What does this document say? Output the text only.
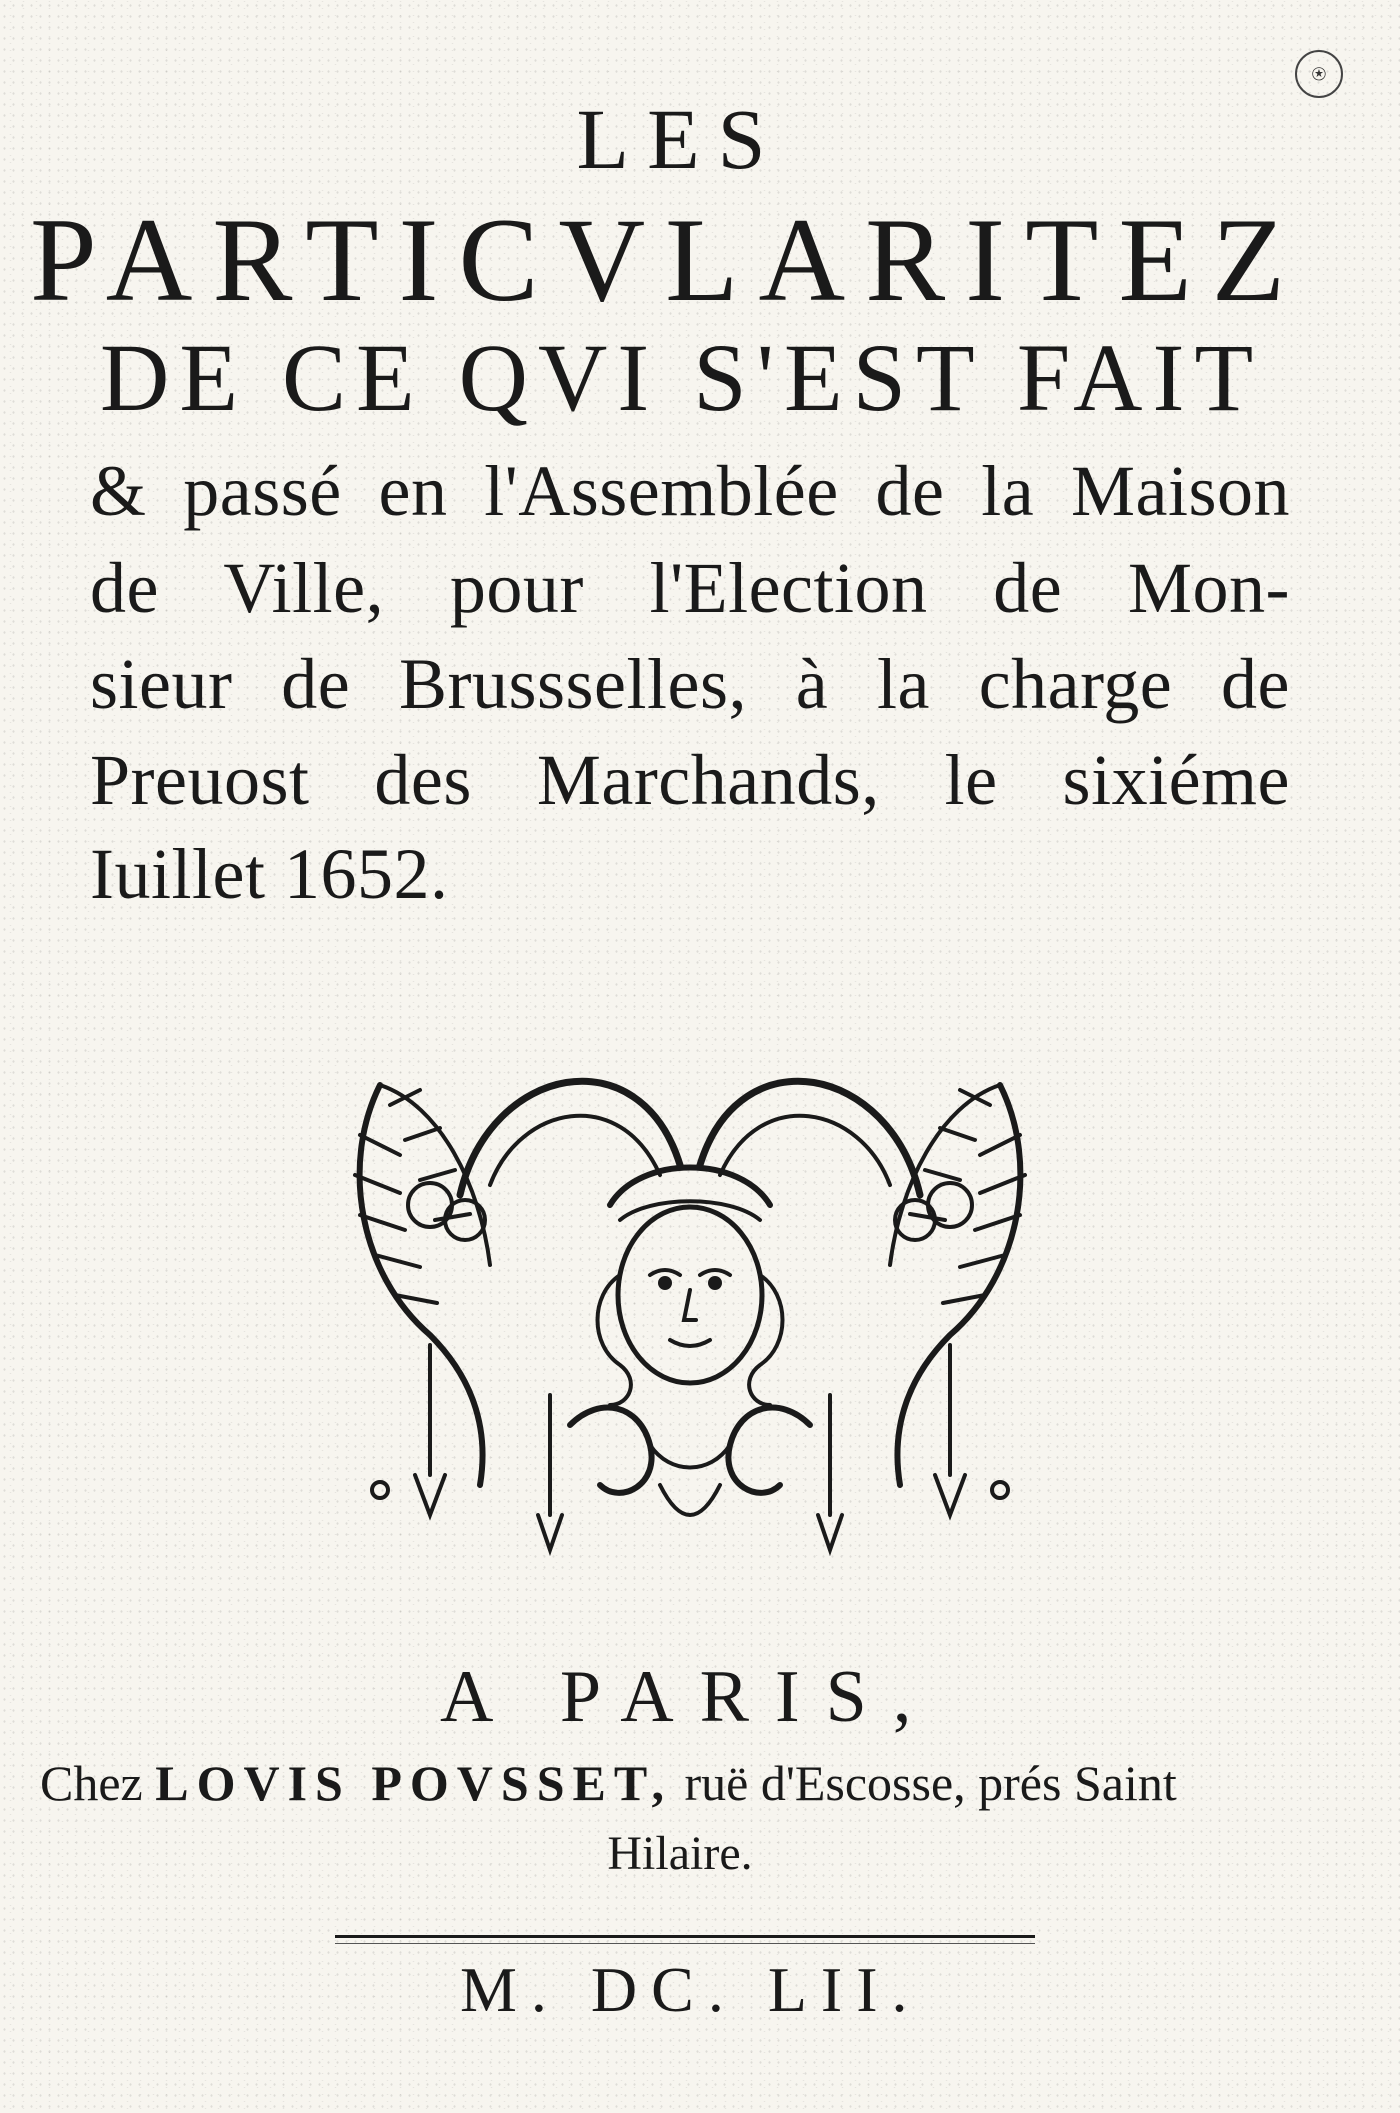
⍟

LES

PARTICVLARITEZ

DE CE QVI S'EST FAIT

& passé en l'Assemblée de la Maison

de Ville, pour l'Election de Mon-

sieur de Brussselles, à la charge de

Preuost des Marchands, le sixiéme

Iuillet 1652.

A PARIS,

Chez LOVIS POVSSET, ruë d'Escosse, prés Saint

Hilaire.

M. DC. LII.
